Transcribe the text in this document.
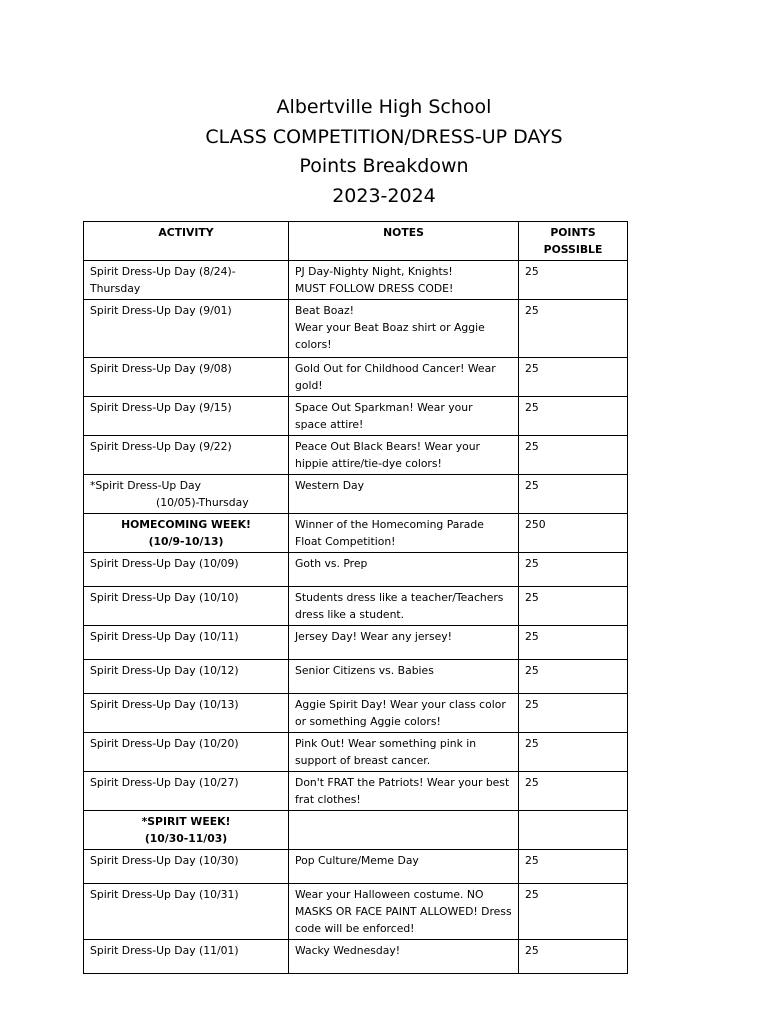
Albertville High School
CLASS COMPETITION/DRESS-UP DAYS
Points Breakdown
2023-2024
ACTIVITY	NOTES	POINTS
POSSIBLE

Spirit Dress-Up Day (8/24)-Thursday	PJ Day-Nighty Night, Knights!
MUST FOLLOW DRESS CODE!	25

Spirit Dress-Up Day (9/01)	Beat Boaz!
Wear your Beat Boaz shirt or Aggie
colors!	25

Spirit Dress-Up Day (9/08)	Gold Out for Childhood Cancer! Wear
gold!	25

Spirit Dress-Up Day (9/15)	Space Out Sparkman! Wear your
space attire!	25

Spirit Dress-Up Day (9/22)	Peace Out Black Bears! Wear your
hippie attire/tie-dye colors!	25

*Spirit Dress-Up Day
(10/05)-Thursday	Western Day	25

HOMECOMING WEEK!
(10/9-10/13)	Winner of the Homecoming Parade
Float Competition!	250

Spirit Dress-Up Day (10/09)	Goth vs. Prep	25

Spirit Dress-Up Day (10/10)	Students dress like a teacher/Teachers
dress like a student.	25

Spirit Dress-Up Day (10/11)	Jersey Day! Wear any jersey!	25

Spirit Dress-Up Day (10/12)	Senior Citizens vs. Babies	25

Spirit Dress-Up Day (10/13)	Aggie Spirit Day! Wear your class color
or something Aggie colors!	25

Spirit Dress-Up Day (10/20)	Pink Out! Wear something pink in
support of breast cancer.	25

Spirit Dress-Up Day (10/27)	Don't FRAT the Patriots! Wear your best
frat clothes!	25

*SPIRIT WEEK!
(10/30-11/03)		

Spirit Dress-Up Day (10/30)	Pop Culture/Meme Day	25

Spirit Dress-Up Day (10/31)	Wear your Halloween costume. NO
MASKS OR FACE PAINT ALLOWED! Dress
code will be enforced!	25

Spirit Dress-Up Day (11/01)	Wacky Wednesday!	25
